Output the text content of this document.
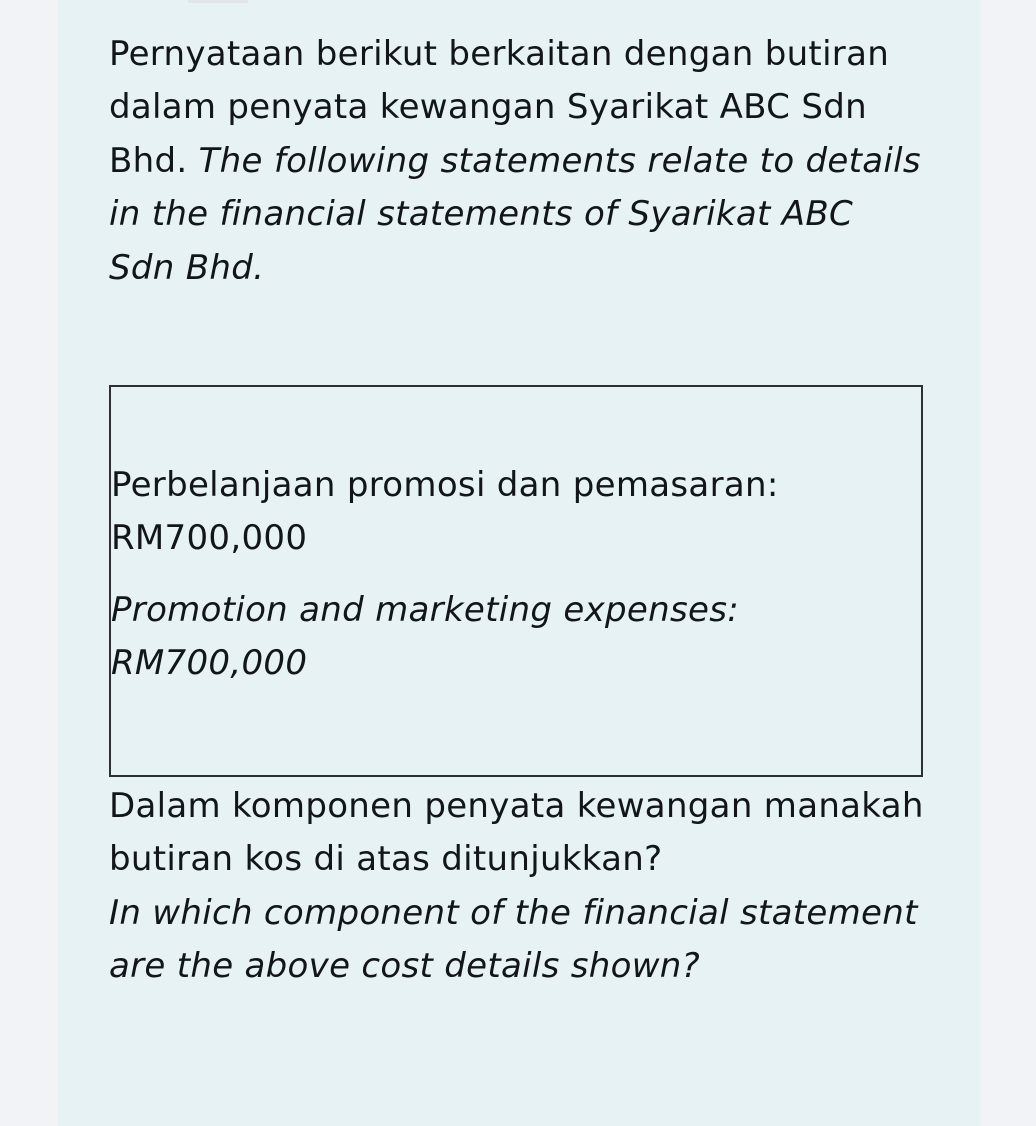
Pernyataan berikut berkaitan dengan butiran dalam penyata kewangan Syarikat ABC Sdn Bhd. The following statements relate to details in the financial statements of Syarikat ABC Sdn Bhd.

Perbelanjaan promosi dan pemasaran:
RM700,000

Promotion and marketing expenses:
RM700,000

Dalam komponen penyata kewangan manakah butiran kos di atas ditunjukkan?
In which component of the financial statement are the above cost details shown?
